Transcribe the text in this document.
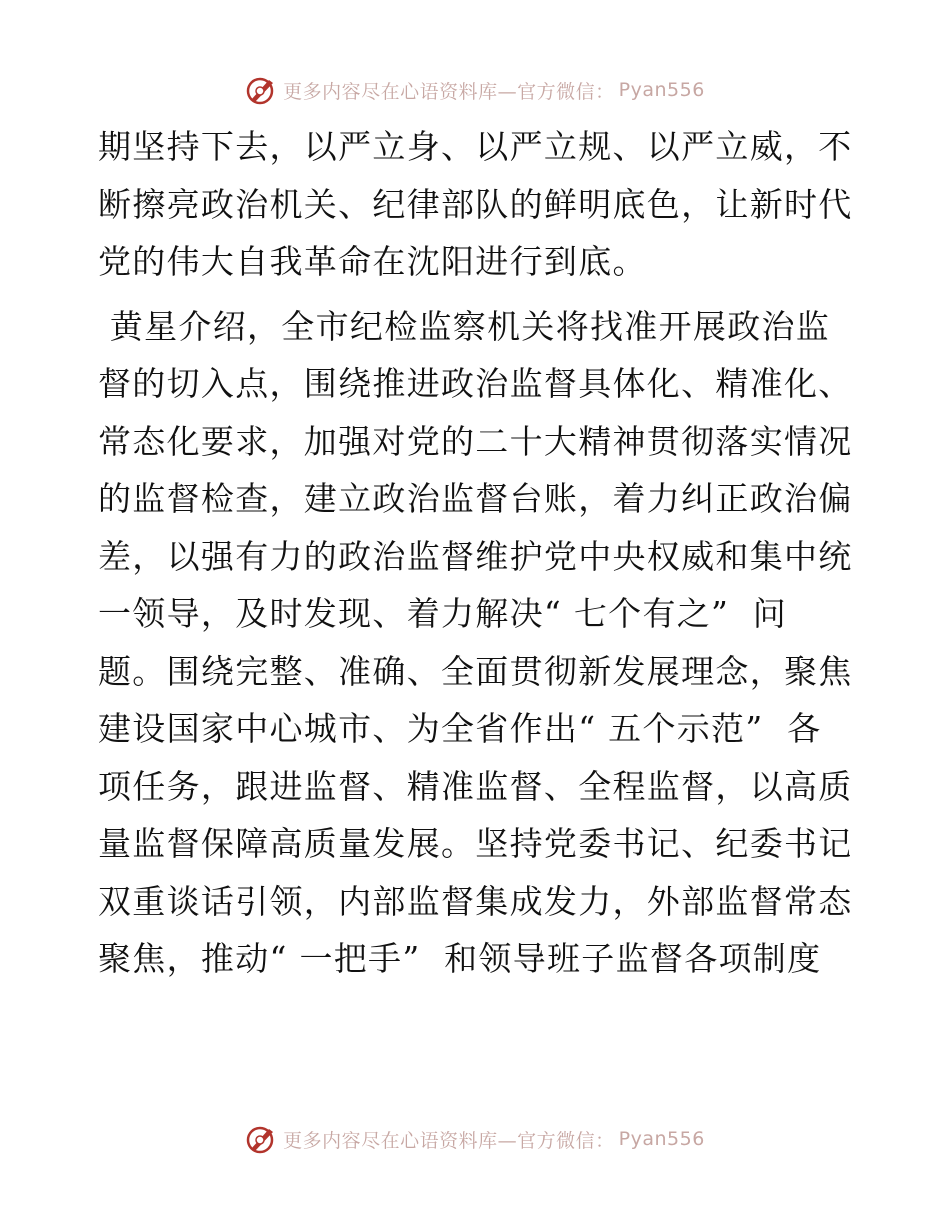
更多内容尽在心语资料库—官方微信： Pyan556

期坚持下去，以严立身、以严立规、以严立威，不
断擦亮政治机关、纪律部队的鲜明底色，让新时代
党的伟大自我革命在沈阳进行到底。

黄星介绍，全市纪检监察机关将找准开展政治监
督的切入点，围绕推进政治监督具体化、精准化、
常态化要求，加强对党的二十大精神贯彻落实情况
的监督检查，建立政治监督台账，着力纠正政治偏
差，以强有力的政治监督维护党中央权威和集中统
一领导，及时发现、着力解决“ 七个有之”  问
题。围绕完整、准确、全面贯彻新发展理念，聚焦
建设国家中心城市、为全省作出“ 五个示范”  各
项任务，跟进监督、精准监督、全程监督，以高质
量监督保障高质量发展。坚持党委书记、纪委书记
双重谈话引领，内部监督集成发力，外部监督常态
聚焦，推动“ 一把手”  和领导班子监督各项制度

更多内容尽在心语资料库—官方微信： Pyan556
